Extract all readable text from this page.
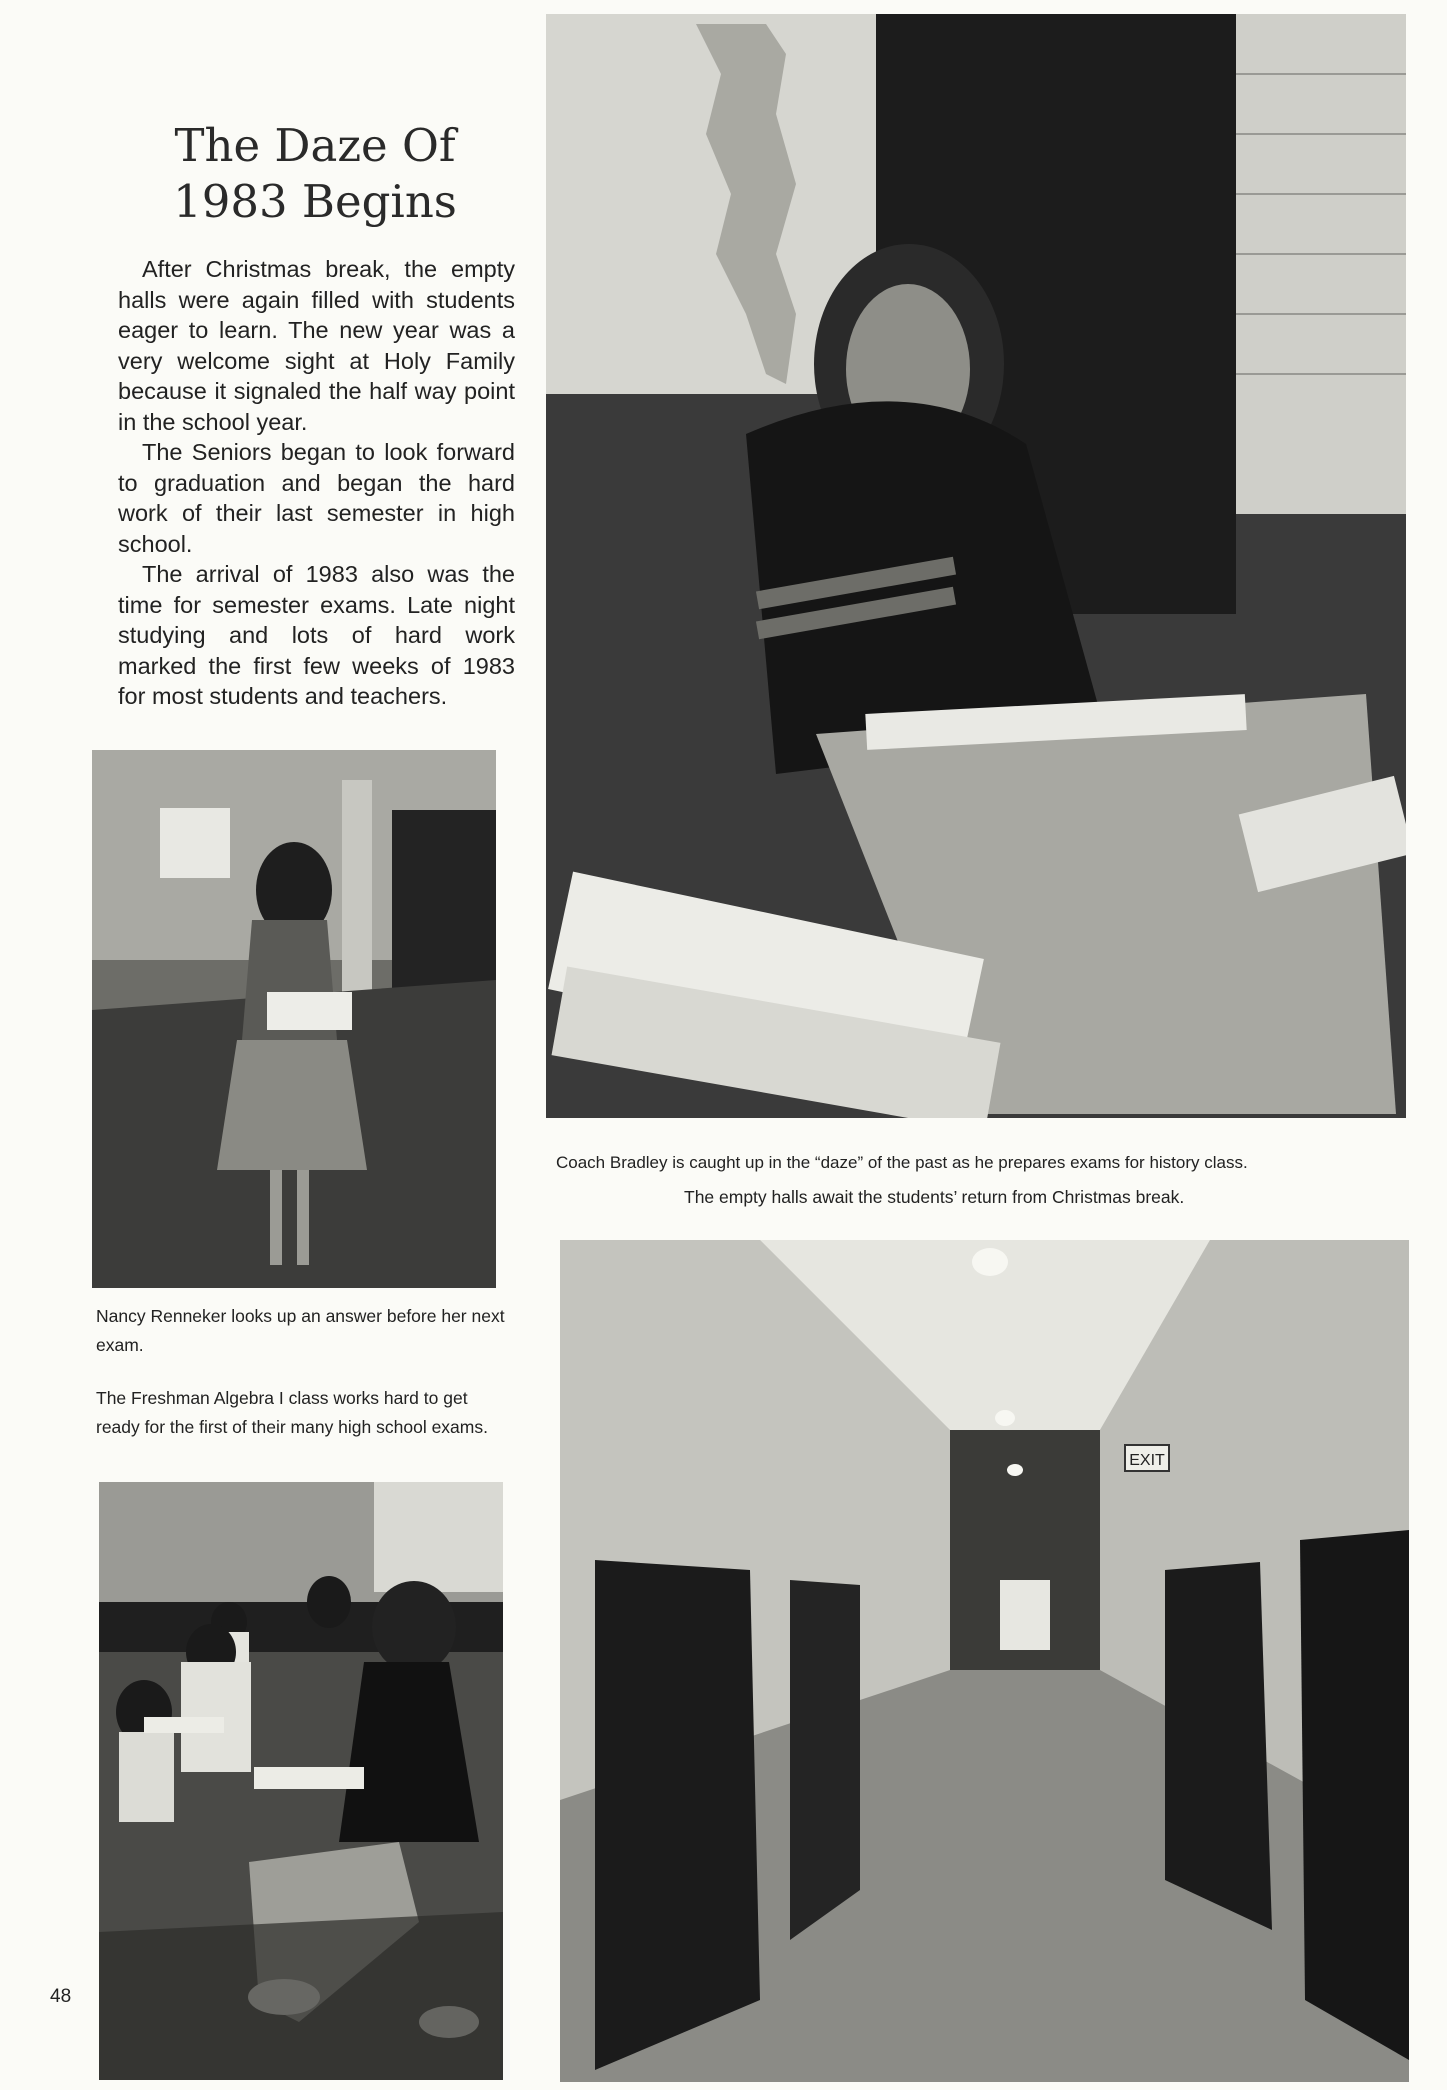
The Daze Of
1983 Begins

After Christmas break, the empty halls were again filled with students eager to learn. The new year was a very welcome sight at Holy Family because it signaled the half way point in the school year.

The Seniors began to look forward to graduation and began the hard work of their last semester in high school.

The arrival of 1983 also was the time for semester exams. Late night studying and lots of hard work marked the first few weeks of 1983 for most students and teachers.

Coach Bradley is caught up in the “daze” of the past as he prepares exams for history class.
The empty halls await the students’ return from Christmas break.
Nancy Renneker looks up an answer before her next exam.
The Freshman Algebra I class works hard to get ready for the first of their many high school exams.
EXIT
48
